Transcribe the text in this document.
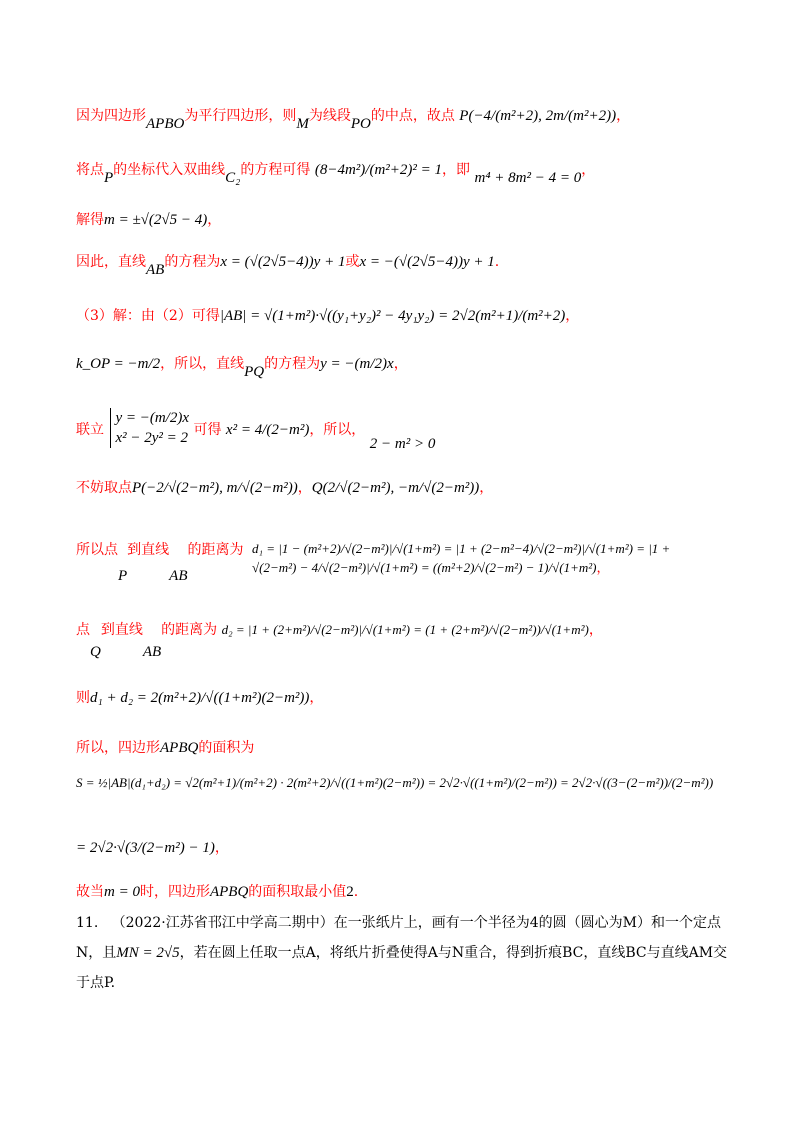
因为四边形APBO为平行四边形，则M为线段PO的中点，故点 P(−4/(m²+2), 2m/(m²+2))，
将点P的坐标代入双曲线C₂的方程可得 (8−4m²)/(m²+2)² = 1，即 m⁴ + 8m² − 4 = 0，
解得m = ±√(2√5 − 4)，
因此，直线AB的方程为x = (√(2√5−4))y + 1或x = −(√(2√5−4))y + 1.
（3）解：由（2）可得|AB| = √(1+m²)·√((y₁+y₂)² − 4y₁y₂) = 2√2(m²+1)/(m²+2)，
k_OP = −m/2，所以，直线PQ的方程为y = −(m/2)x，
联立
y = −(m/2)x
x² − 2y² = 2 可得 x² = 4/(2−m²)，所以， 2 − m² > 0
不妨取点P(−2/√(2−m²), m/√(2−m²))，Q(2/√(2−m²), −m/√(2−m²))，
所以点P到直线AB的距离为 d₁ = |1 − (m²+2)/√(2−m²)|/√(1+m²) = |1 + (2−m²−4)/√(2−m²)|/√(1+m²) = |1 + √(2−m²) − 4/√(2−m²)|/√(1+m²) = ((m²+2)/√(2−m²) − 1)/√(1+m²)，
点Q到直线AB的距离为 d₂ = |1 + (2+m²)/√(2−m²)|/√(1+m²) = (1 + (2+m²)/√(2−m²))/√(1+m²)，
则d₁ + d₂ = 2(m²+2)/√((1+m²)(2−m²))，
所以，四边形APBQ的面积为
S = ½|AB|(d₁+d₂) = √2(m²+1)/(m²+2) · 2(m²+2)/√((1+m²)(2−m²)) = 2√2·√((1+m²)/(2−m²)) = 2√2·√((3−(2−m²))/(2−m²))
= 2√2·√(3/(2−m²) − 1)，
故当m = 0时，四边形APBQ的面积取最小值2.
11. （2022·江苏省邗江中学高二期中）在一张纸片上，画有一个半径为4的圆（圆心为M）和一个定点N，且MN = 2√5，若在圆上任取一点A，将纸片折叠使得A与N重合，得到折痕BC，直线BC与直线AM交于点P.
